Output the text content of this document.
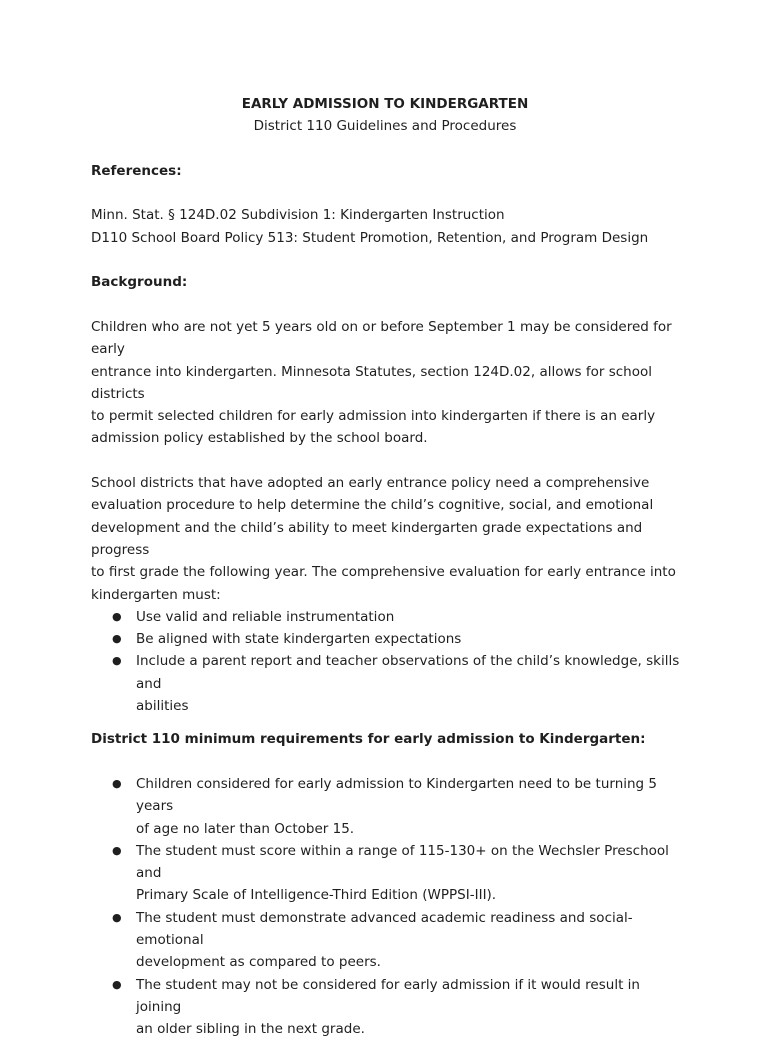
EARLY ADMISSION TO KINDERGARTEN
District 110 Guidelines and Procedures
References:
Minn. Stat. § 124D.02 Subdivision 1: Kindergarten Instruction
D110 School Board Policy 513: Student Promotion, Retention, and Program Design
Background:
Children who are not yet 5 years old on or before September 1 may be considered for early
entrance into kindergarten. Minnesota Statutes, section 124D.02, allows for school districts
to permit selected children for early admission into kindergarten if there is an early
admission policy established by the school board.
School districts that have adopted an early entrance policy need a comprehensive
evaluation procedure to help determine the child’s cognitive, social, and emotional
development and the child’s ability to meet kindergarten grade expectations and progress
to first grade the following year. The comprehensive evaluation for early entrance into
kindergarten must:
● Use valid and reliable instrumentation
● Be aligned with state kindergarten expectations
● Include a parent report and teacher observations of the child’s knowledge, skills and
abilities
District 110 minimum requirements for early admission to Kindergarten:
● Children considered for early admission to Kindergarten need to be turning 5 years
of age no later than October 15.
● The student must score within a range of 115-130+ on the Wechsler Preschool and
Primary Scale of Intelligence-Third Edition (WPPSI-III).
● The student must demonstrate advanced academic readiness and social-emotional
development as compared to peers.
● The student may not be considered for early admission if it would result in joining
an older sibling in the next grade.
